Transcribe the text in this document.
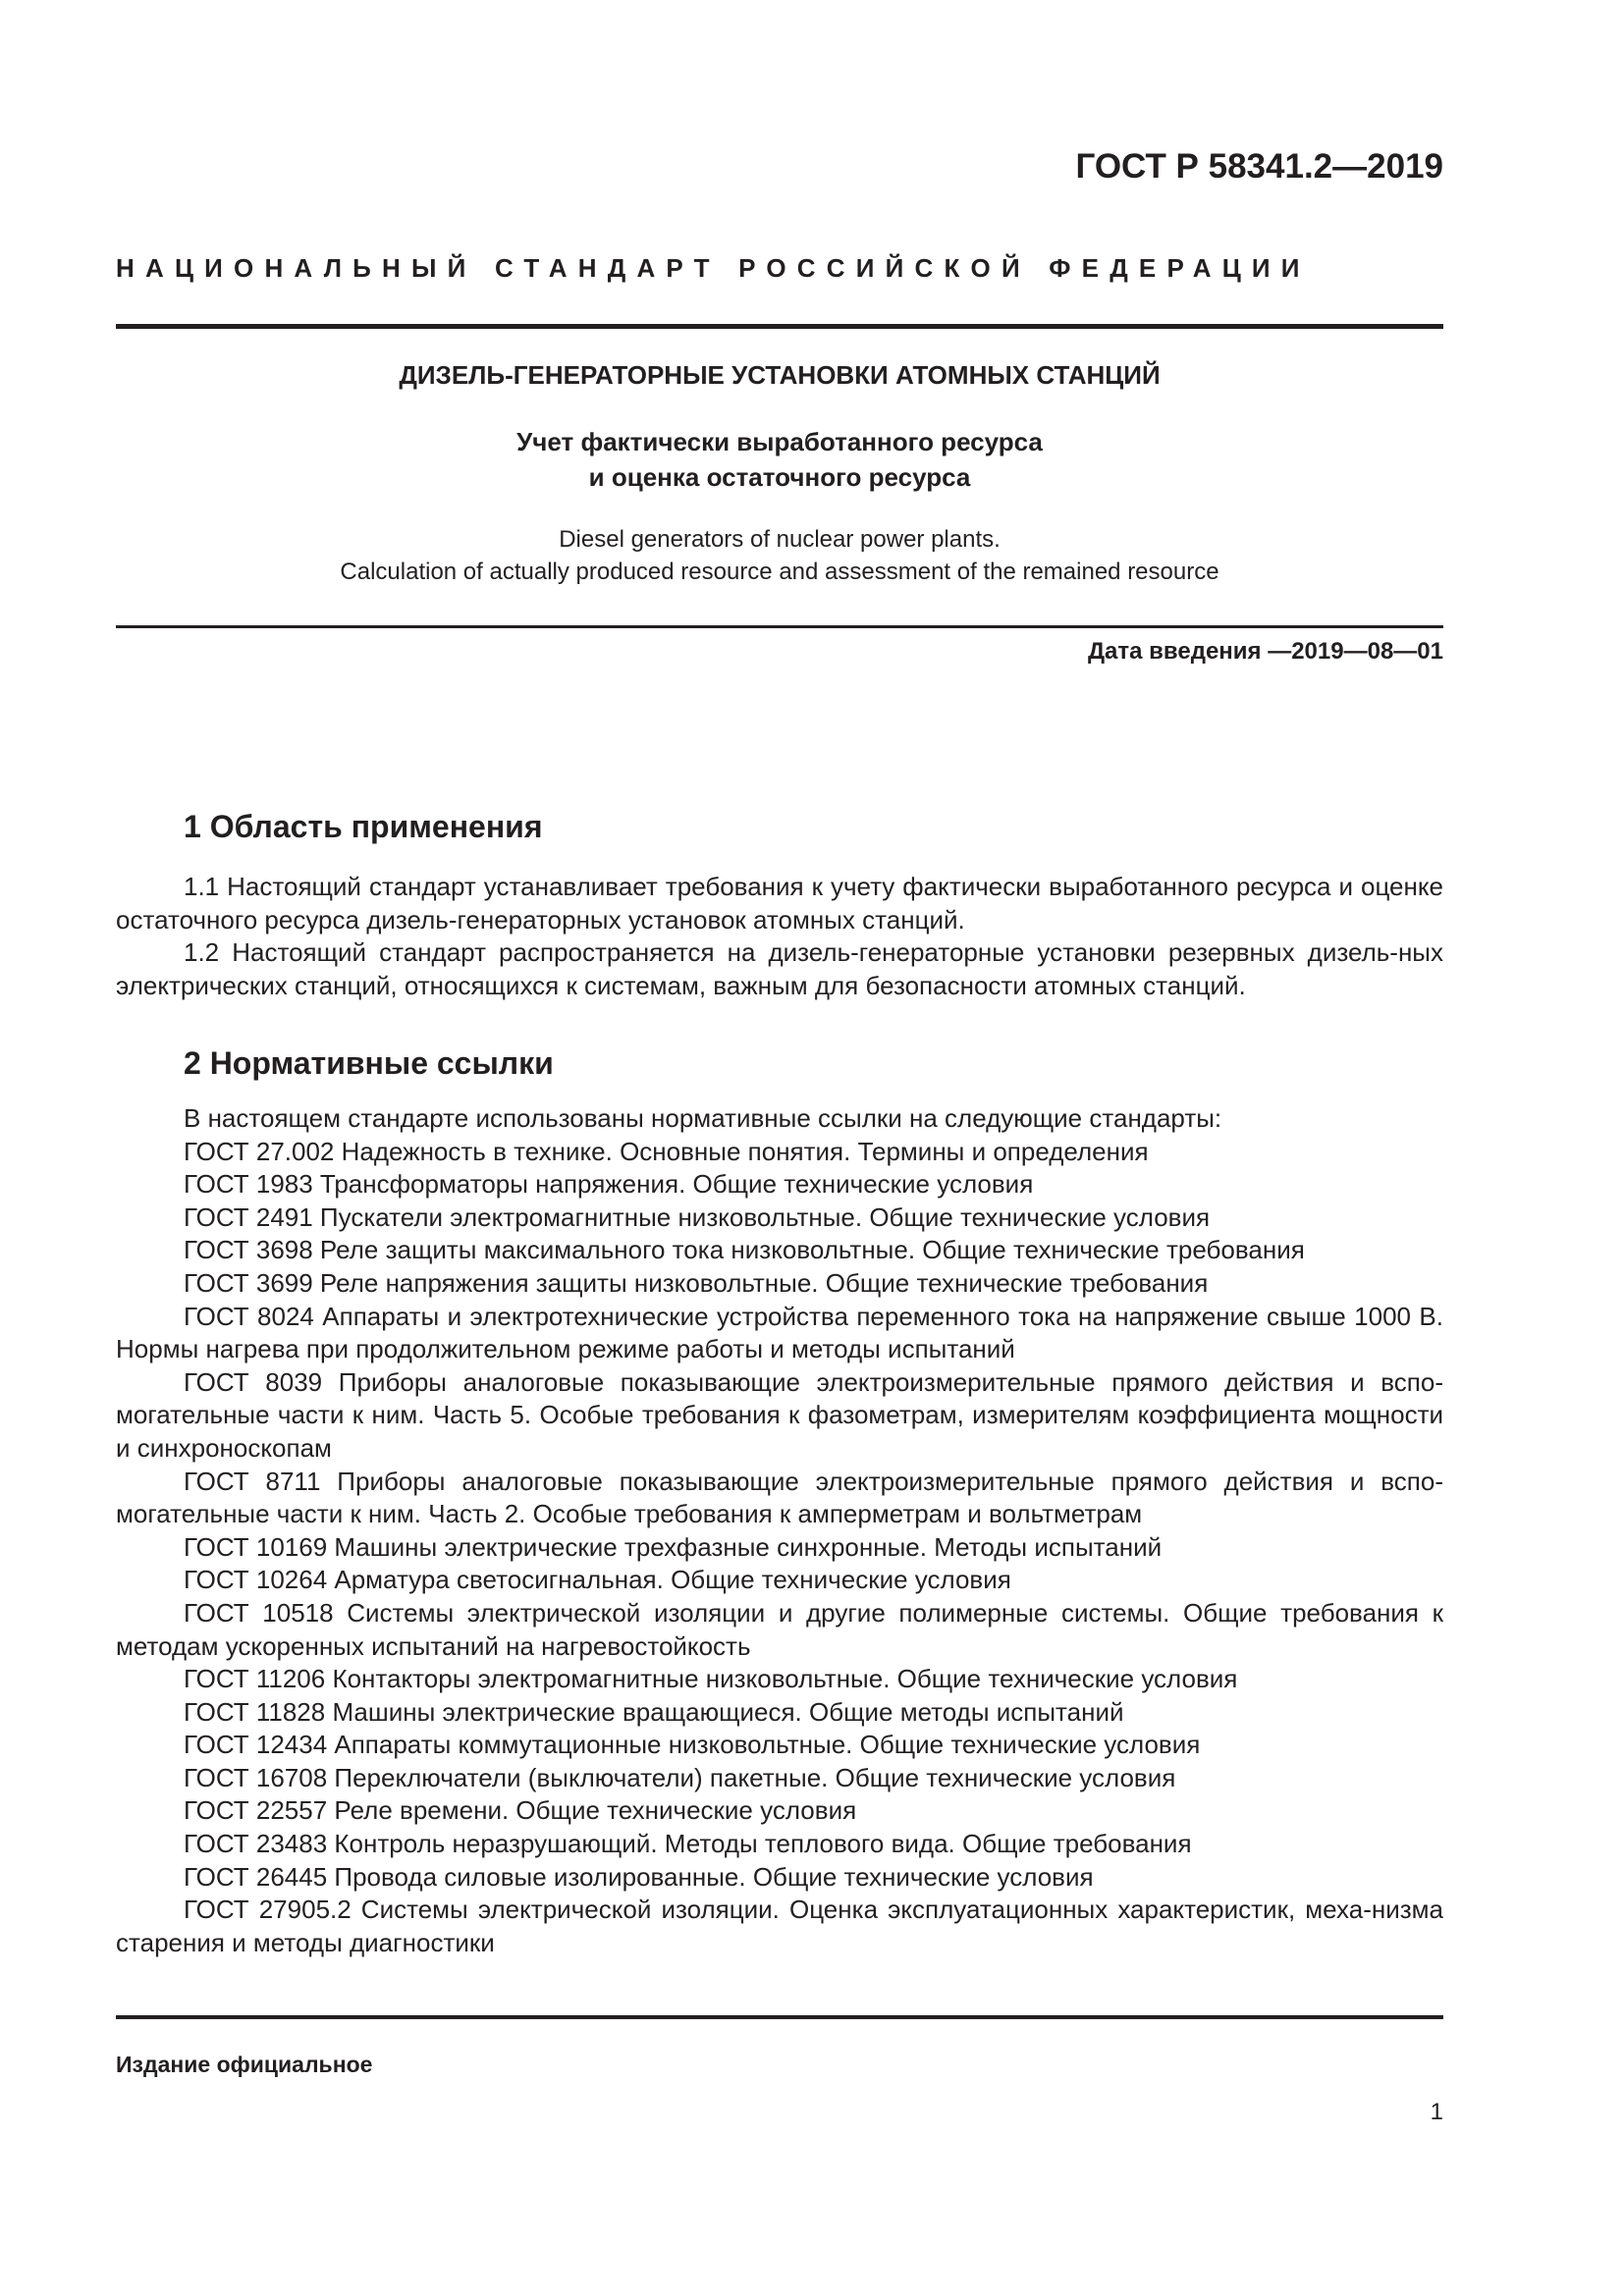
ГОСТ Р 58341.2—2019
НАЦИОНАЛЬНЫЙ СТАНДАРТ РОССИЙСКОЙ ФЕДЕРАЦИИ
ДИЗЕЛЬ-ГЕНЕРАТОРНЫЕ УСТАНОВКИ АТОМНЫХ СТАНЦИЙ
Учет фактически выработанного ресурса
и оценка остаточного ресурса
Diesel generators of nuclear power plants.
Calculation of actually produced resource and assessment of the remained resource
Дата введения —2019—08—01
1 Область применения

1.1 Настоящий стандарт устанавливает требования к учету фактически выработанного ресурса и оценке остаточного ресурса дизель-генераторных установок атомных станций.

1.2 Настоящий стандарт распространяется на дизель-генераторные установки резервных дизель-ных электрических станций, относящихся к системам, важным для безопасности атомных станций.

2 Нормативные ссылки

В настоящем стандарте использованы нормативные ссылки на следующие стандарты:

ГОСТ 27.002 Надежность в технике. Основные понятия. Термины и определения

ГОСТ 1983 Трансформаторы напряжения. Общие технические условия

ГОСТ 2491 Пускатели электромагнитные низковольтные. Общие технические условия

ГОСТ 3698 Реле защиты максимального тока низковольтные. Общие технические требования

ГОСТ 3699 Реле напряжения защиты низковольтные. Общие технические требования

ГОСТ 8024 Аппараты и электротехнические устройства переменного тока на напряжение свыше 1000 В. Нормы нагрева при продолжительном режиме работы и методы испытаний

ГОСТ 8039 Приборы аналоговые показывающие электроизмерительные прямого действия и вспо-могательные части к ним. Часть 5. Особые требования к фазометрам, измерителям коэффициента мощности и синхроноскопам

ГОСТ 8711 Приборы аналоговые показывающие электроизмерительные прямого действия и вспо-могательные части к ним. Часть 2. Особые требования к амперметрам и вольтметрам

ГОСТ 10169 Машины электрические трехфазные синхронные. Методы испытаний

ГОСТ 10264 Арматура светосигнальная. Общие технические условия

ГОСТ 10518 Системы электрической изоляции и другие полимерные системы. Общие требования к методам ускоренных испытаний на нагревостойкость

ГОСТ 11206 Контакторы электромагнитные низковольтные. Общие технические условия

ГОСТ 11828 Машины электрические вращающиеся. Общие методы испытаний

ГОСТ 12434 Аппараты коммутационные низковольтные. Общие технические условия

ГОСТ 16708 Переключатели (выключатели) пакетные. Общие технические условия

ГОСТ 22557 Реле времени. Общие технические условия

ГОСТ 23483 Контроль неразрушающий. Методы теплового вида. Общие требования

ГОСТ 26445 Провода силовые изолированные. Общие технические условия

ГОСТ 27905.2 Системы электрической изоляции. Оценка эксплуатационных характеристик, меха-низма старения и методы диагностики

Издание официальное
1
